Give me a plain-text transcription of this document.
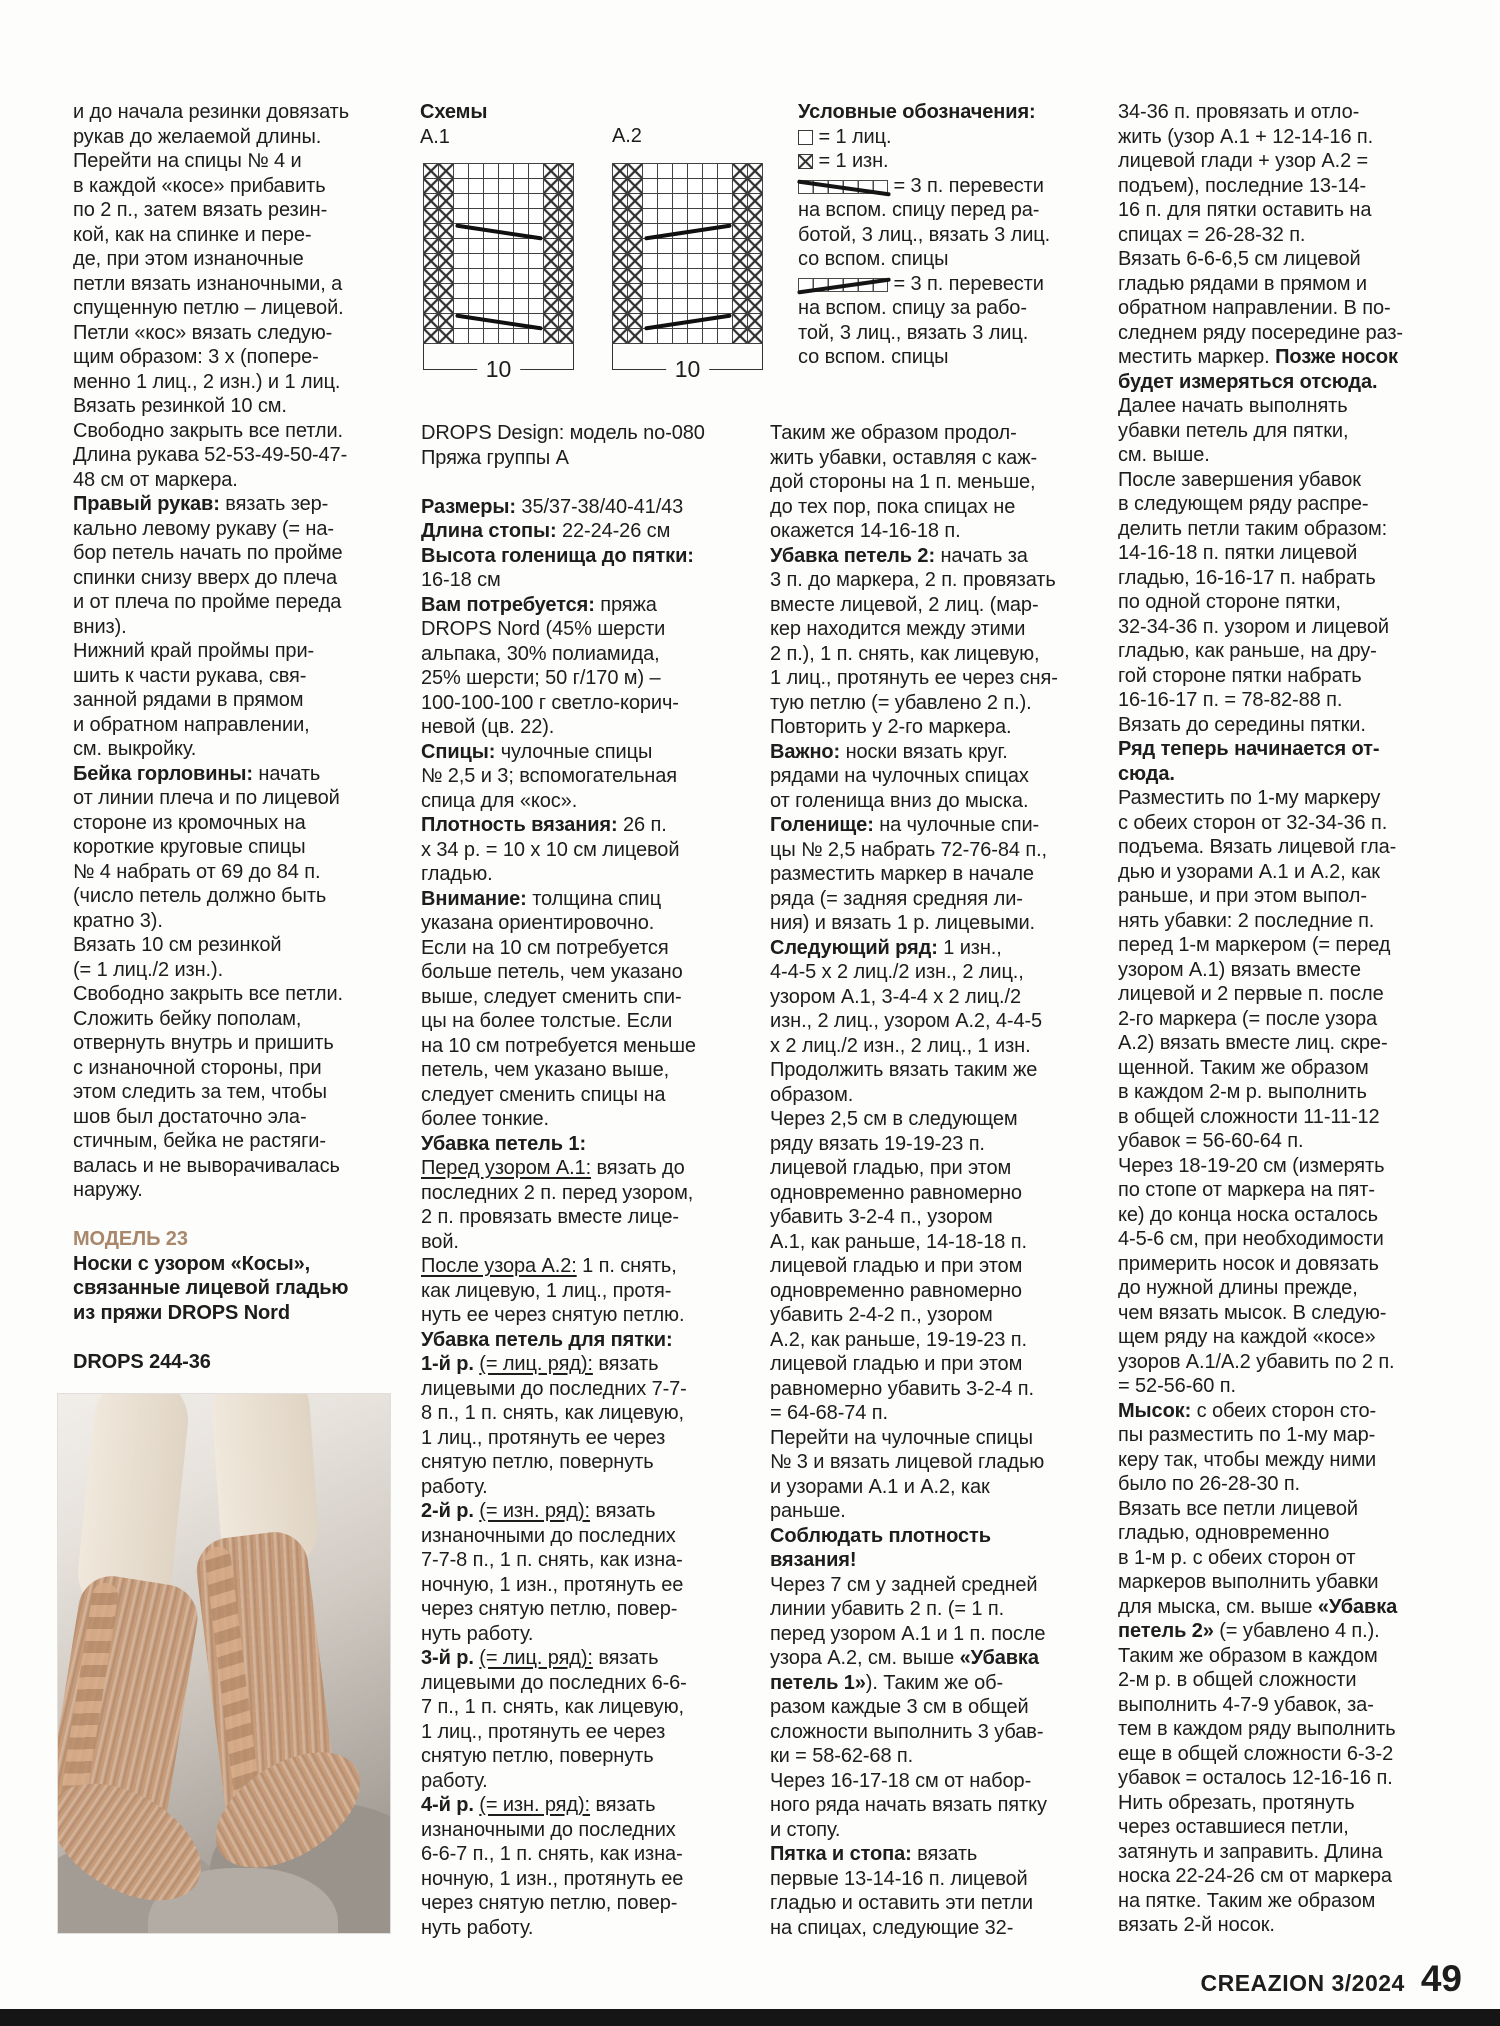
и до начала резинки довязать
рукав до желаемой длины.
Перейти на спицы № 4 и
в каждой «косе» прибавить
по 2 п., затем вязать резин-
кой, как на спинке и пере-
де, при этом изнаночные
петли вязать изнаночными, а
спущенную петлю – лицевой.
Петли «кос» вязать следую-
щим образом: 3 х (попере-
менно 1 лиц., 2 изн.) и 1 лиц.
Вязать резинкой 10 см.
Свободно закрыть все петли.
Длина рукава 52-53-49-50-47-
48 см от маркера.
Правый рукав: вязать зер-
кально левому рукаву (= на-
бор петель начать по пройме
спинки снизу вверх до плеча
и от плеча по пройме переда
вниз).
Нижний край проймы при-
шить к части рукава, свя-
занной рядами в прямом
и обратном направлении,
см. выкройку.
Бейка горловины: начать
от линии плеча и по лицевой
стороне из кромочных на
короткие круговые спицы
№ 4 набрать от 69 до 84 п.
(число петель должно быть
кратно 3).
Вязать 10 см резинкой
(= 1 лиц./2 изн.).
Свободно закрыть все петли.
Сложить бейку пополам,
отвернуть внутрь и пришить
с изнаночной стороны, при
этом следить за тем, чтобы
шов был достаточно эла-
стичным, бейка не растяги-
валась и не выворачивалась
наружу.

МОДЕЛЬ 23
Носки с узором «Косы»,
связанные лицевой гладью
из пряжи DROPS Nord

DROPS 244-36
Схемы
А.1	А.2
10	10
Условные обозначения:
= 1 лиц.
= 1 изн.
= 3 п. перевести
на вспом. спицу перед ра-
ботой, 3 лиц., вязать 3 лиц.
со вспом. спицы
= 3 п. перевести
на вспом. спицу за рабо-
той, 3 лиц., вязать 3 лиц.
со вспом. спицы
DROPS Design: модель no-080
Пряжа группы А

Размеры: 35/37-38/40-41/43
Длина стопы: 22-24-26 см
Высота голенища до пятки:
16-18 см
Вам потребуется: пряжа
DROPS Nord (45% шерсти
альпака, 30% полиамида,
25% шерсти; 50 г/170 м) –
100-100-100 г светло-корич-
невой (цв. 22).
Спицы: чулочные спицы
№ 2,5 и 3; вспомогательная
спица для «кос».
Плотность вязания: 26 п.
х 34 р. = 10 х 10 см лицевой
гладью.
Внимание: толщина спиц
указана ориентировочно.
Если на 10 см потребуется
больше петель, чем указано
выше, следует сменить спи-
цы на более толстые. Если
на 10 см потребуется меньше
петель, чем указано выше,
следует сменить спицы на
более тонкие.
Убавка петель 1:
Перед узором А.1: вязать до
последних 2 п. перед узором,
2 п. провязать вместе лице-
вой.
После узора А.2: 1 п. снять,
как лицевую, 1 лиц., протя-
нуть ее через снятую петлю.
Убавка петель для пятки:
1-й р. (= лиц. ряд): вязать
лицевыми до последних 7-7-
8 п., 1 п. снять, как лицевую,
1 лиц., протянуть ее через
снятую петлю, повернуть
работу.
2-й р. (= изн. ряд): вязать
изнаночными до последних
7-7-8 п., 1 п. снять, как изна-
ночную, 1 изн., протянуть ее
через снятую петлю, повер-
нуть работу.
3-й р. (= лиц. ряд): вязать
лицевыми до последних 6-6-
7 п., 1 п. снять, как лицевую,
1 лиц., протянуть ее через
снятую петлю, повернуть
работу.
4-й р. (= изн. ряд): вязать
изнаночными до последних
6-6-7 п., 1 п. снять, как изна-
ночную, 1 изн., протянуть ее
через снятую петлю, повер-
нуть работу.
Таким же образом продол-
жить убавки, оставляя с каж-
дой стороны на 1 п. меньше,
до тех пор, пока спицах не
окажется 14-16-18 п.
Убавка петель 2: начать за
3 п. до маркера, 2 п. провязать
вместе лицевой, 2 лиц. (мар-
кер находится между этими
2 п.), 1 п. снять, как лицевую,
1 лиц., протянуть ее через сня-
тую петлю (= убавлено 2 п.).
Повторить у 2-го маркера.
Важно: носки вязать круг.
рядами на чулочных спицах
от голенища вниз до мыска.
Голенище: на чулочные спи-
цы № 2,5 набрать 72-76-84 п.,
разместить маркер в начале
ряда (= задняя средняя ли-
ния) и вязать 1 р. лицевыми.
Следующий ряд: 1 изн.,
4-4-5 х 2 лиц./2 изн., 2 лиц.,
узором А.1, 3-4-4 х 2 лиц./2
изн., 2 лиц., узором А.2, 4-4-5
х 2 лиц./2 изн., 2 лиц., 1 изн.
Продолжить вязать таким же
образом.
Через 2,5 см в следующем
ряду вязать 19-19-23 п.
лицевой гладью, при этом
одновременно равномерно
убавить 3-2-4 п., узором
А.1, как раньше, 14-18-18 п.
лицевой гладью и при этом
одновременно равномерно
убавить 2-4-2 п., узором
А.2, как раньше, 19-19-23 п.
лицевой гладью и при этом
равномерно убавить 3-2-4 п.
= 64-68-74 п.
Перейти на чулочные спицы
№ 3 и вязать лицевой гладью
и узорами А.1 и А.2, как
раньше.
Соблюдать плотность
вязания!
Через 7 см у задней средней
линии убавить 2 п. (= 1 п.
перед узором А.1 и 1 п. после
узора А.2, см. выше «Убавка
петель 1»). Таким же об-
разом каждые 3 см в общей
сложности выполнить 3 убав-
ки = 58-62-68 п.
Через 16-17-18 см от набор-
ного ряда начать вязать пятку
и стопу.
Пятка и стопа: вязать
первые 13-14-16 п. лицевой
гладью и оставить эти петли
на спицах, следующие 32-
34-36 п. провязать и отло-
жить (узор А.1 + 12-14-16 п.
лицевой глади + узор А.2 =
подъем), последние 13-14-
16 п. для пятки оставить на
спицах = 26-28-32 п.
Вязать 6-6-6,5 см лицевой
гладью рядами в прямом и
обратном направлении. В по-
следнем ряду посередине раз-
местить маркер. Позже носок
будет измеряться отсюда.
Далее начать выполнять
убавки петель для пятки,
см. выше.
После завершения убавок
в следующем ряду распре-
делить петли таким образом:
14-16-18 п. пятки лицевой
гладью, 16-16-17 п. набрать
по одной стороне пятки,
32-34-36 п. узором и лицевой
гладью, как раньше, на дру-
гой стороне пятки набрать
16-16-17 п. = 78-82-88 п.
Вязать до середины пятки.
Ряд теперь начинается от-
сюда.
Разместить по 1-му маркеру
с обеих сторон от 32-34-36 п.
подъема. Вязать лицевой гла-
дью и узорами А.1 и А.2, как
раньше, и при этом выпол-
нять убавки: 2 последние п.
перед 1-м маркером (= перед
узором А.1) вязать вместе
лицевой и 2 первые п. после
2-го маркера (= после узора
А.2) вязать вместе лиц. скре-
щенной. Таким же образом
в каждом 2-м р. выполнить
в общей сложности 11-11-12
убавок = 56-60-64 п.
Через 18-19-20 см (измерять
по стопе от маркера на пят-
ке) до конца носка осталось
4-5-6 см, при необходимости
примерить носок и довязать
до нужной длины прежде,
чем вязать мысок. В следую-
щем ряду на каждой «косе»
узоров А.1/А.2 убавить по 2 п.
= 52-56-60 п.
Мысок: с обеих сторон сто-
пы разместить по 1-му мар-
керу так, чтобы между ними
было по 26-28-30 п.
Вязать все петли лицевой
гладью, одновременно
в 1-м р. с обеих сторон от
маркеров выполнить убавки
для мыска, см. выше «Убавка
петель 2» (= убавлено 4 п.).
Таким же образом в каждом
2-м р. в общей сложности
выполнить 4-7-9 убавок, за-
тем в каждом ряду выполнить
еще в общей сложности 6-3-2
убавок = осталось 12-16-16 п.
Нить обрезать, протянуть
через оставшиеся петли,
затянуть и заправить. Длина
носка 22-24-26 см от маркера
на пятке. Таким же образом
вязать 2-й носок.
CREAZION 3/2024 49
